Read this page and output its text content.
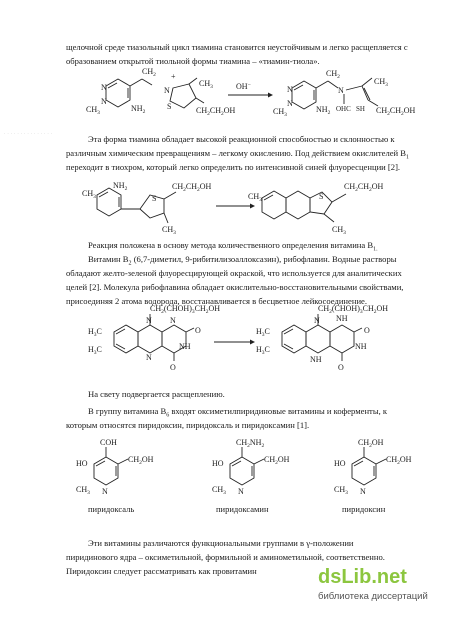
щелочной среде тиазольный цикл тиамина становится неустойчивым и легко расщепляется с
образованием открытой тиольной формы тиамина – «тиамин-тиола».
· · · · · · · · · · · · · · ·
Эта форма тиамина обладает высокой реакционной способностью и склонностью к
различным химическим превращениям – легкому окислению. Под действием окислителей $B_1$
переходит в тиохром, который легко определить по интенсивной синей флуоресценции [2].
Реакция положена в основу метода количественного определения витамина $B_{1.}$
Витамин $B_2$ (6,7-диметил, 9-рибитилизоаллоксазин), рибофлавин. Водные растворы
обладают желто-зеленой флуоресцирующей окраской, что используется для аналитических
целей [2]. Молекула рибофлавина обладает окислительно-восстановительными свойствами,
присоединяя 2 атома водорода, восстанавливается в бесцветное лейкосоединение.
На свету подвергается расщеплению.
В группу витамина $B_6$ входят оксиметилпиридиновые витамины и коферменты, к
которым относятся пиридоксин, пиридоксаль и пиридоксамин [1].
Эти витамины различаются функциональными группами в γ-положении
пиридинового ядра – оксиметильной, формильной и аминометильной, соответственно.
Пиридоксин следует рассматривать как провитамин
N
N
$CH_3$	$NH_2$
$CH_2$ +
N
S
$CH_3$
$CH_2CH_2OH$
OH−	N
N
$CH_3$
$NH_2$
$CH_2$
N
OHC SH
$CH_3$
$CH_2CH_2OH$
$CH_3$
$NH_2$
S
$CH_2CH_2OH$
$CH_3$
$CH_3$	S
$CH_2CH_2OH$
$CH_3$
N
N
N
NH
O
O
$CH_2(CHOH)_3CH_2OH$
$H_3C$
$H_3C$
N
NH
NH
NH
O
O
$CH_2(CHOH)_3CH_2OH$
$H_3C$
$H_3C$
COH
HO	$CH_2OH$
N
$CH_3$
пиридоксаль
$CH_2NH_2$
HO	$CH_2OH$
N
$CH_3$
пиридоксамин
$CH_2OH$
HO	$CH_2OH$
N
$CH_3$
пиридоксин
dsLib.net
библиотека диссертаций
